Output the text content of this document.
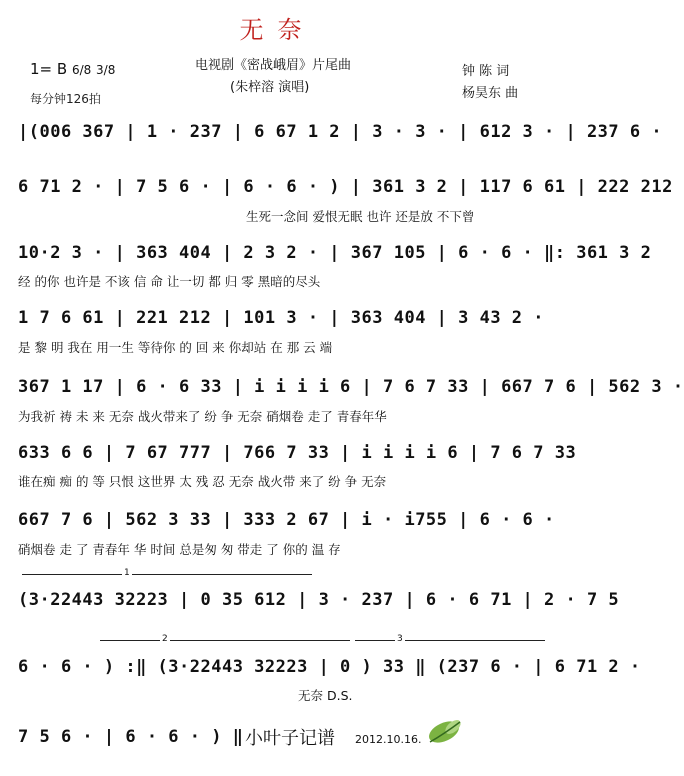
无奈
电视剧《密战峨眉》片尾曲
(朱梓溶 演唱)
1= B 6/8 3/8
每分钟126拍
钟 陈 词
杨昊东 曲
|(006 367 | 1 · 237 | 6 67 1 2 | 3 · 3 · | 612 3 · | 237 6 ·
6 71 2 · | 7 5 6 · | 6 · 6 · ) | 361 3 2 | 117 6 61 | 222 212
生死一念间 爱恨无眠 也许 还是放 不下曾
10·2 3 · | 363 404 | 2 3 2 · | 367 105 | 6 · 6 · ‖: 361 3 2
经 的你 也许是 不该 信 命 让一切 都 归 零 黑暗的尽头
1 7 6 61 | 221 212 | 101 3 · | 363 404 | 3 43 2 ·
是 黎 明 我在 用一生 等待你 的 回 来 你却站 在 那 云 端
367 1 17 | 6 · 6 33 | i i i i 6 | 7 6 7 33 | 667 7 6 | 562 3 ·
为我祈 祷 未 来 无奈 战火带来了 纷 争 无奈 硝烟卷 走了 青春年华
633 6 6 | 7 67 777 | 766 7 33 | i i i i 6 | 7 6 7 33
谁在痴 痴 的 等 只恨 这世界 太 残 忍 无奈 战火带 来了 纷 争 无奈
667 7 6 | 562 3 33 | 333 2 67 | i · i755 | 6 · 6 ·
硝烟卷 走 了 青春年 华 时间 总是匆 匆 带走 了 你的 温 存
1
(3·22443 32223 | 0 35 612 | 3 · 237 | 6 · 6 71 | 2 · 7 5
2	3
6 · 6 · ) :‖ (3·22443 32223 | 0 ) 33 ‖ (237 6 · | 6 71 2 ·
无奈 D.S.
7 5 6 · | 6 · 6 · ) ‖ 小叶子记谱 2012.10.16.
